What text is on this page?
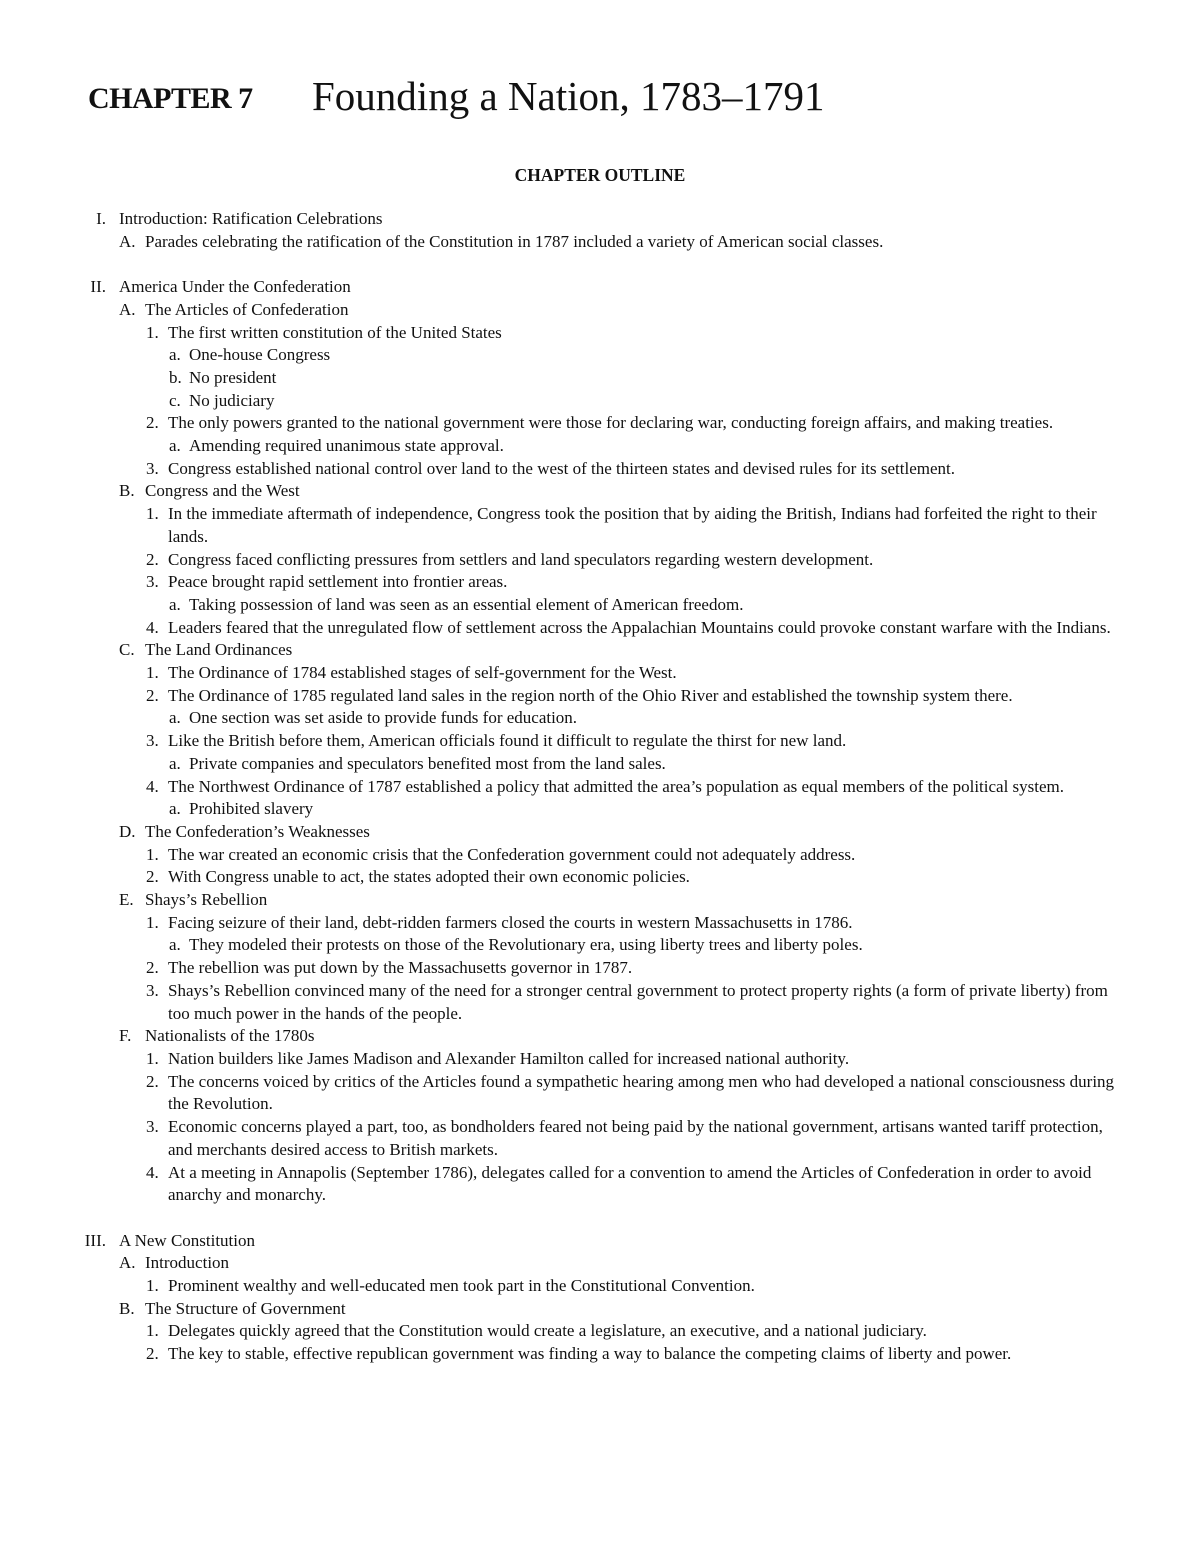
CHAPTER 7 Founding a Nation, 1783–1791
CHAPTER OUTLINE
I. Introduction: Ratification Celebrations
A. Parades celebrating the ratification of the Constitution in 1787 included a variety of American social classes.
II. America Under the Confederation
A. The Articles of Confederation
1. The first written constitution of the United States
a. One-house Congress
b. No president
c. No judiciary
2. The only powers granted to the national government were those for declaring war, conducting foreign affairs, and making treaties.
a. Amending required unanimous state approval.
3. Congress established national control over land to the west of the thirteen states and devised rules for its settlement.
B. Congress and the West
1. In the immediate aftermath of independence, Congress took the position that by aiding the British, Indians had forfeited the right to their lands.
2. Congress faced conflicting pressures from settlers and land speculators regarding western development.
3. Peace brought rapid settlement into frontier areas.
a. Taking possession of land was seen as an essential element of American freedom.
4. Leaders feared that the unregulated flow of settlement across the Appalachian Mountains could provoke constant warfare with the Indians.
C. The Land Ordinances
1. The Ordinance of 1784 established stages of self-government for the West.
2. The Ordinance of 1785 regulated land sales in the region north of the Ohio River and established the township system there.
a. One section was set aside to provide funds for education.
3. Like the British before them, American officials found it difficult to regulate the thirst for new land.
a. Private companies and speculators benefited most from the land sales.
4. The Northwest Ordinance of 1787 established a policy that admitted the area’s population as equal members of the political system.
a. Prohibited slavery
D. The Confederation’s Weaknesses
1. The war created an economic crisis that the Confederation government could not adequately address.
2. With Congress unable to act, the states adopted their own economic policies.
E. Shays’s Rebellion
1. Facing seizure of their land, debt-ridden farmers closed the courts in western Massachusetts in 1786.
a. They modeled their protests on those of the Revolutionary era, using liberty trees and liberty poles.
2. The rebellion was put down by the Massachusetts governor in 1787.
3. Shays’s Rebellion convinced many of the need for a stronger central government to protect property rights (a form of private liberty) from too much power in the hands of the people.
F. Nationalists of the 1780s
1. Nation builders like James Madison and Alexander Hamilton called for increased national authority.
2. The concerns voiced by critics of the Articles found a sympathetic hearing among men who had developed a national consciousness during the Revolution.
3. Economic concerns played a part, too, as bondholders feared not being paid by the national government, artisans wanted tariff protection, and merchants desired access to British markets.
4. At a meeting in Annapolis (September 1786), delegates called for a convention to amend the Articles of Confederation in order to avoid anarchy and monarchy.
III. A New Constitution
A. Introduction
1. Prominent wealthy and well-educated men took part in the Constitutional Convention.
B. The Structure of Government
1. Delegates quickly agreed that the Constitution would create a legislature, an executive, and a national judiciary.
2. The key to stable, effective republican government was finding a way to balance the competing claims of liberty and power.
